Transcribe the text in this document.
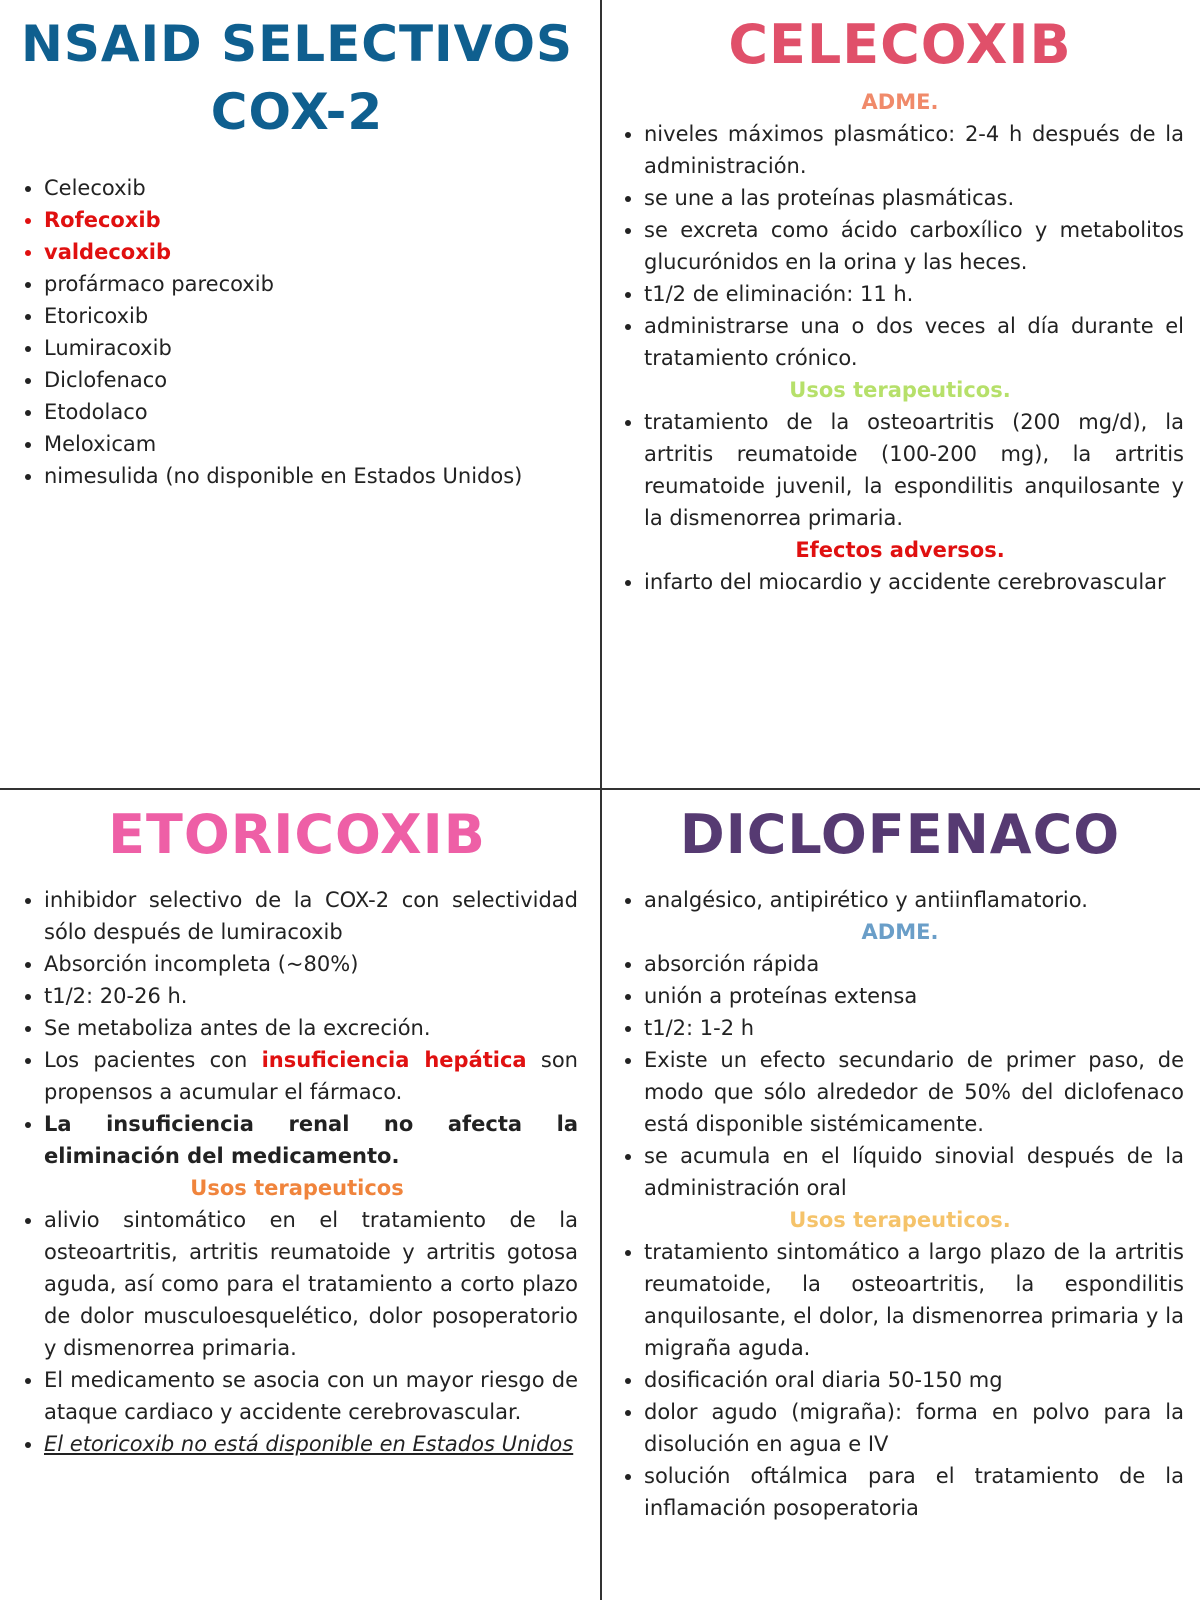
NSAID SELECTIVOS
COX-2
• Celecoxib
• Rofecoxib
• valdecoxib
• profármaco parecoxib
• Etoricoxib
• Lumiracoxib
• Diclofenaco
• Etodolaco
• Meloxicam
• nimesulida (no disponible en Estados Unidos)
CELECOXIB
ADME.
• niveles máximos plasmático: 2-4 h después de la administración.
• se une a las proteínas plasmáticas.
• se excreta como ácido carboxílico y metabolitos glucurónidos en la orina y las heces.
• t1/2 de eliminación: 11 h.
• administrarse una o dos veces al día durante el tratamiento crónico.
Usos terapeuticos.
• tratamiento de la osteoartritis (200 mg/d), la artritis reumatoide (100-200 mg), la artritis reumatoide juvenil, la espondilitis anquilosante y la dismenorrea primaria.
Efectos adversos.
• infarto del miocardio y accidente cerebrovascular
ETORICOXIB
• inhibidor selectivo de la COX-2 con selectividad sólo después de lumiracoxib
• Absorción incompleta (~80%)
• t1/2: 20-26 h.
• Se metaboliza antes de la excreción.
• Los pacientes con insuficiencia hepática son propensos a acumular el fármaco.
• La insuficiencia renal no afecta la eliminación del medicamento.
Usos terapeuticos
• alivio sintomático en el tratamiento de la osteoartritis, artritis reumatoide y artritis gotosa aguda, así como para el tratamiento a corto plazo de dolor musculoesquelético, dolor posoperatorio y dismenorrea primaria.
• El medicamento se asocia con un mayor riesgo de ataque cardiaco y accidente cerebrovascular.
• El etoricoxib no está disponible en Estados Unidos
DICLOFENACO
• analgésico, antipirético y antiinflamatorio.
ADME.
• absorción rápida
• unión a proteínas extensa
• t1/2: 1-2 h
• Existe un efecto secundario de primer paso, de modo que sólo alrededor de 50% del diclofenaco está disponible sistémicamente.
• se acumula en el líquido sinovial después de la administración oral
Usos terapeuticos.
• tratamiento sintomático a largo plazo de la artritis reumatoide, la osteoartritis, la espondilitis anquilosante, el dolor, la dismenorrea primaria y la migraña aguda.
• dosificación oral diaria 50-150 mg
• dolor agudo (migraña): forma en polvo para la disolución en agua e IV
• solución oftálmica para el tratamiento de la inflamación posoperatoria
